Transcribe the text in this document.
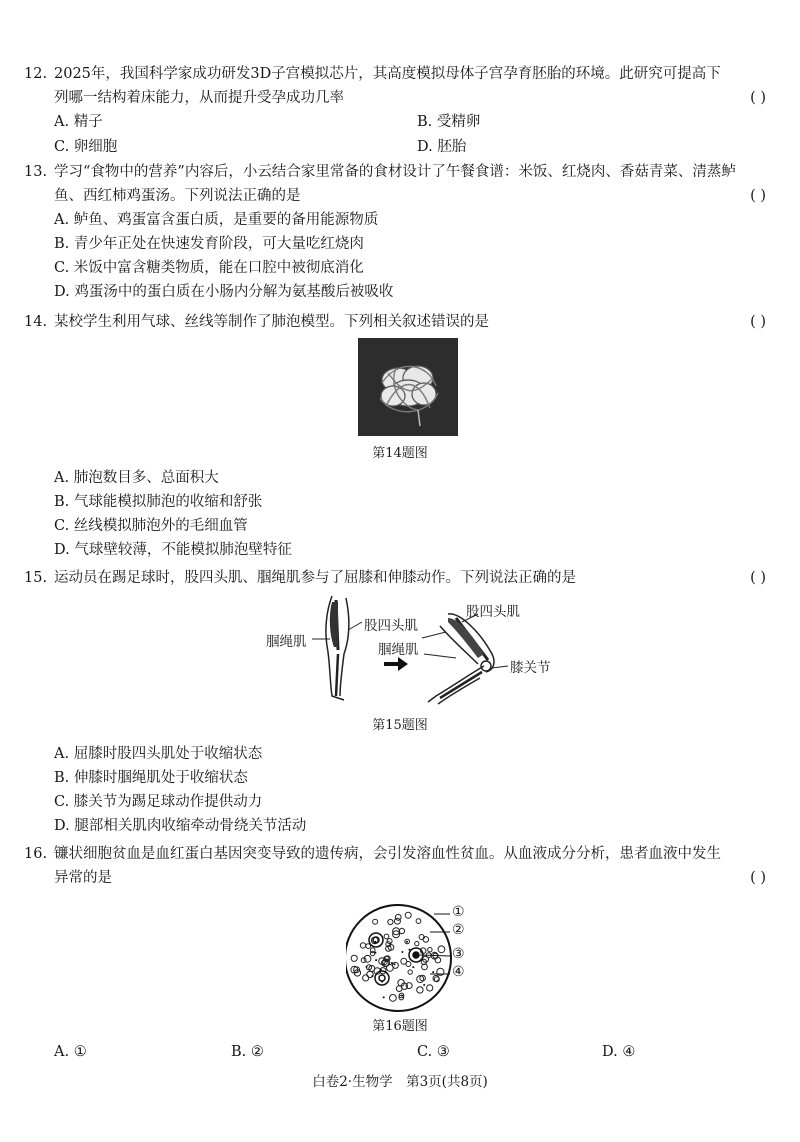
12. 2025年，我国科学家成功研发3D子宫模拟芯片，其高度模拟母体子宫孕育胚胎的环境。此研究可提高下
列哪一结构着床能力，从而提升受孕成功几率	( )
A. 精子	B. 受精卵
C. 卵细胞	D. 胚胎
13. 学习“食物中的营养”内容后，小云结合家里常备的食材设计了午餐食谱：米饭、红烧肉、香菇青菜、清蒸鲈
鱼、西红柿鸡蛋汤。下列说法正确的是	( )
A. 鲈鱼、鸡蛋富含蛋白质，是重要的备用能源物质
B. 青少年正处在快速发育阶段，可大量吃红烧肉
C. 米饭中富含糖类物质，能在口腔中被彻底消化
D. 鸡蛋汤中的蛋白质在小肠内分解为氨基酸后被吸收
14. 某校学生利用气球、丝线等制作了肺泡模型。下列相关叙述错误的是	( )
第14题图
A. 肺泡数目多、总面积大
B. 气球能模拟肺泡的收缩和舒张
C. 丝线模拟肺泡外的毛细血管
D. 气球壁较薄，不能模拟肺泡壁特征
15. 运动员在踢足球时，股四头肌、腘绳肌参与了屈膝和伸膝动作。下列说法正确的是	( )
腘绳肌
股四头肌
腘绳肌
股四头肌
膝关节
第15题图
A. 屈膝时股四头肌处于收缩状态
B. 伸膝时腘绳肌处于收缩状态
C. 膝关节为踢足球动作提供动力
D. 腿部相关肌肉收缩牵动骨绕关节活动
16. 镰状细胞贫血是血红蛋白基因突变导致的遗传病，会引发溶血性贫血。从血液成分分析，患者血液中发生
异常的是	( )
①
②
③
④
第16题图
A. ①	B. ②	C. ③	D. ④
白卷2·生物学　第3页(共8页)
